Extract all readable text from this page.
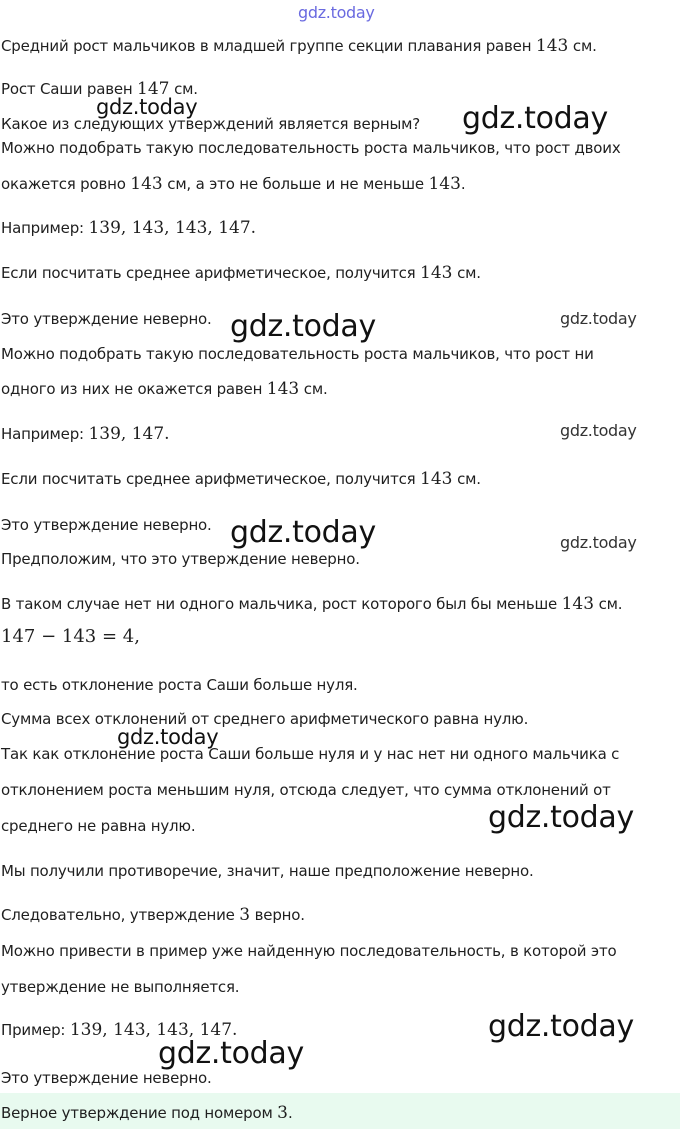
gdz.today
Средний рост мальчиков в младшей группе секции плавания равен 143 см.
Рост Саши равен 147 см.
Какое из следующих утверждений является верным?
Можно подобрать такую последовательность роста мальчиков, что рост двоих
окажется ровно 143 см, а это не больше и не меньше 143.
Например: 139, 143, 143, 147.
Если посчитать среднее арифметическое, получится 143 см.
Это утверждение неверно.
Можно подобрать такую последовательность роста мальчиков, что рост ни
одного из них не окажется равен 143 см.
Например: 139, 147.
Если посчитать среднее арифметическое, получится 143 см.
Это утверждение неверно.
Предположим, что это утверждение неверно.
В таком случае нет ни одного мальчика, рост которого был бы меньше 143 см.
147 − 143 = 4,
то есть отклонение роста Саши больше нуля.
Сумма всех отклонений от среднего арифметического равна нулю.
Так как отклонение роста Саши больше нуля и у нас нет ни одного мальчика с
отклонением роста меньшим нуля, отсюда следует, что сумма отклонений от
среднего не равна нулю.
Мы получили противоречие, значит, наше предположение неверно.
Следовательно, утверждение 3 верно.
Можно привести в пример уже найденную последовательность, в которой это
утверждение не выполняется.
Пример: 139, 143, 143, 147.
Это утверждение неверно.
Верное утверждение под номером 3.
gdz.today	gdz.today
gdz.today	gdz.today
gdz.today
gdz.today	gdz.today
gdz.today
gdz.today
gdz.today
gdz.today
